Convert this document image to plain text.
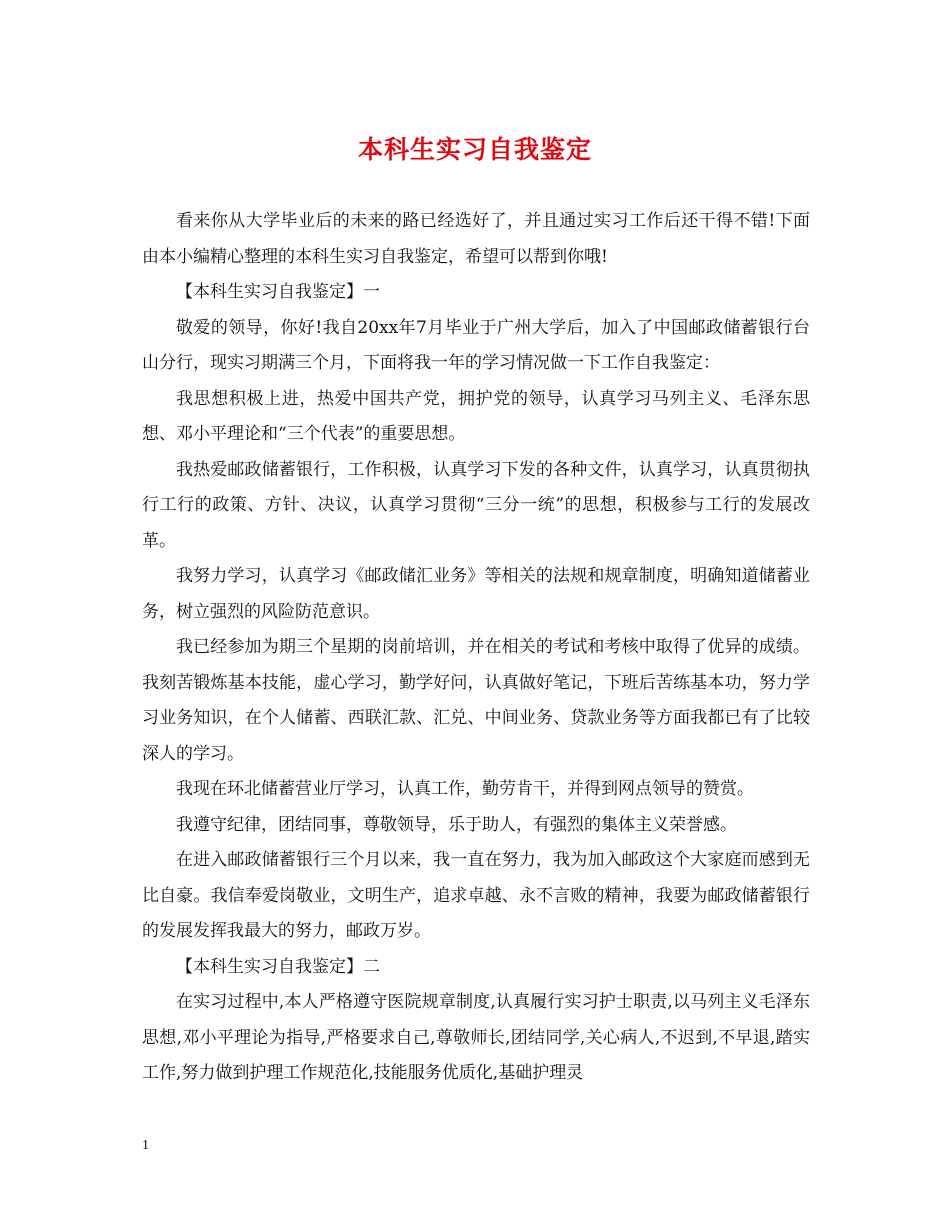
本科生实习自我鉴定

看来你从大学毕业后的未来的路已经选好了，并且通过实习工作后还干得不错!下面由本小编精心整理的本科生实习自我鉴定，希望可以帮到你哦!

【本科生实习自我鉴定】一

敬爱的领导，你好!我自20xx年7月毕业于广州大学后，加入了中国邮政储蓄银行台山分行，现实习期满三个月，下面将我一年的学习情况做一下工作自我鉴定：

我思想积极上进，热爱中国共产党，拥护党的领导，认真学习马列主义、毛泽东思想、邓小平理论和“三个代表”的重要思想。

我热爱邮政储蓄银行，工作积极，认真学习下发的各种文件，认真学习，认真贯彻执行工行的政策、方针、决议，认真学习贯彻“三分一统”的思想，积极参与工行的发展改革。

我努力学习，认真学习《邮政储汇业务》等相关的法规和规章制度，明确知道储蓄业务，树立强烈的风险防范意识。

我已经参加为期三个星期的岗前培训，并在相关的考试和考核中取得了优异的成绩。我刻苦锻炼基本技能，虚心学习，勤学好问，认真做好笔记，下班后苦练基本功，努力学习业务知识，在个人储蓄、西联汇款、汇兑、中间业务、贷款业务等方面我都已有了比较深人的学习。

我现在环北储蓄营业厅学习，认真工作，勤劳肯干，并得到网点领导的赞赏。

我遵守纪律，团结同事，尊敬领导，乐于助人，有强烈的集体主义荣誉感。

在进入邮政储蓄银行三个月以来，我一直在努力，我为加入邮政这个大家庭而感到无比自豪。我信奉爱岗敬业，文明生产，追求卓越、永不言败的精神，我要为邮政储蓄银行的发展发挥我最大的努力，邮政万岁。

【本科生实习自我鉴定】二

在实习过程中,本人严格遵守医院规章制度,认真履行实习护士职责,以马列主义毛泽东思想,邓小平理论为指导,严格要求自己,尊敬师长,团结同学,关心病人,不迟到,不早退,踏实工作,努力做到护理工作规范化,技能服务优质化,基础护理灵

1
